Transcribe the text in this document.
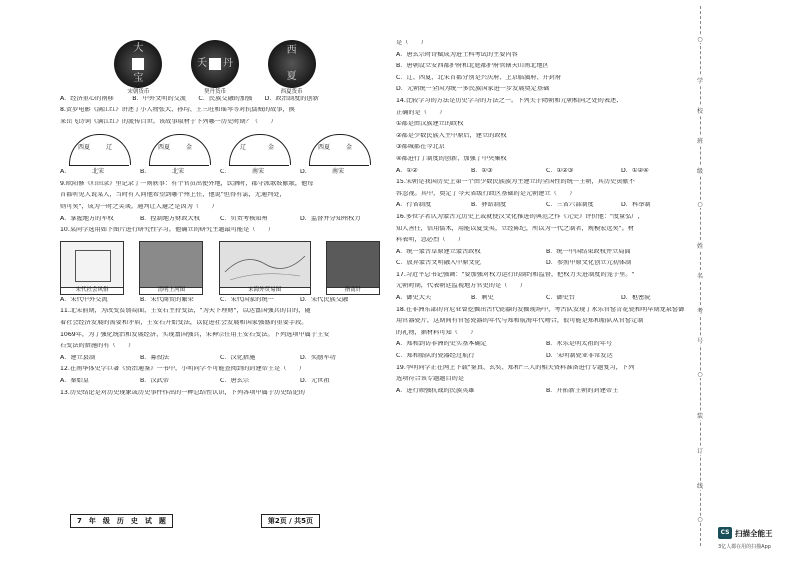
大
宝
宋朝货币
夭 丹
契丹货币
西
夏
西夏货币
A．经济重心的南移　　　B．中外文明的交流　　C．民族交融的加强　　D．政治制度的创新
8.贺岁电影《满江红》讲述了小人物张大、孙均、王三旺和瑶琴等对抗懦贼的故事，换
来岳飞诗词《满江红》的流传百世。该故事取材于下列哪一历史时期？（　　）
西夏	辽
北宋
西夏	金
北宋
辽	金
南宋
西夏	金
南宋
A．	B．	C．	D．
9.欧阳修《归田录》里记录了一则轶事：有个官员出使外地，饮酒时，郡守派歌妓献歌，他每
首都听见人说某人，当时有人问他希望到哪个州上任，他说"但得有氯，无通判处，
则可矣"，成为一时之笑谈。通判让人避之是因为（　　）
A．掌握地方的军权	B．控制地方财政大权	C．负责考核知州	D．监督并分知州权力
10.某同学选用如下图片进行研究性学习，他确立的研究主题最可能是（　　）
宋代社会风俗	清明上河图	宋海外贸易图	指南针
A．宋代中外交流	B．宋代商贸的繁荣	C．宋代国家的统一	D．宋代民族交融
11.北宋前期，为改变贫弱局面，王安石主持变法，"为天下理财"，以达富国强兵的目的，随
着社会经济发展的需要和矛盾，王安石开始变法，以促进社会发展和国家强盛的重要手段。
1069年，为了强化统治和发展经济，实现富国强兵，宋神宗任用王安石变法。下列选项中属于王安
石变法的措施的有（　　）
A．建立县制	B．募役法	C．汉化措施	D．奖励军功
12.在南华体史学巨著《资治通鉴》一书中，小明同学不可能查阅到的封建帝王是（　　）
A．秦始皇	B．汉武帝	C．唐玄宗	D．元世祖
13.历史结论是对历史现象或历史事件作出的一种总结性认识，下列各项中属于历史结论的
7　年　级　历　史　试　题	第2页 / 共5页
是（　　）
A．唐玄宗时诗赋成为进士科考试的主要内容
B．唐朝设立安西都护府和北庭都护府管辖天山南北地区
C．辽、西夏、北宋首都分别是兴庆府、上京临潢府、开封府
D．元朝统一全国为统一多民族国家进一步发展奠定基础
14.比较学习的方法是历史学习的方法之一。下列关于隋朝和元朝相同之处的表述,
正确的是（　　）
①都是由汉族建立的政权
②都是少数民族入主中原后，建立的政权
③都城都在今北京
④都进行了制度的创新，加强了中央集权
A．①②	B．①③	C．①②③	D．①②④
15.宋朝是我国历史上第一个由少数民族族为主建立的全国性的统一王朝，其历史贡献不
容忽视。其中，奠定了今天省级行政区基础的是元朝建立（　　）
A．行省制度	B．驿站制度	C．三省六部制度	D．科举制
16.多位学者认为蒙古元历史上或就使汉文化推进的典范之作《元史》评价他："度量弘广，
知人善任，信用儒术，用能以夏变夷，立经陈纪，所以为一代之制者，规模宏远矣"。材
料表明，忽必烈（　　）
A．统一蒙古草原建立蒙古政权	B．统一中国结束政权并立局面
C．放弃蒙古文明融入中原文化	D．参照中原文化创立元初体制
17.习近平总书记强调："要加强对权力运行的制约和监督，把权力关进制度的笼子里。"
元朝时期，代表朝廷监视地方官吏的是（　　）
A．御史大夫	B．刺史	C．御史台	D．枢密院
18.在非洲东部的肯尼亚曾挖掘出古代瓷器的发掘现场中，考古队发现了永乐官窑青花瓷和明早期龙泉窑御
用官器瓷片，这期间有官窑瓷器的年代与郑和航海年代吻合，很可能是郑和船队从官窑定制
的礼物，据材料可知（　　）
A．郑和到访非洲的史实基本确定	B．永乐是明太祖的年号
C．郑和船队的瓷器经过航行	D．宋明制瓷业非常发达
19.李明同学正在网上下载"鉴真、玄奘、郑和"三人的相关资料准备进行专题复习，下列
选项符合该专题题目的是
A．进行顽强抗战的民族英雄	B．开拓新王朝的封建帝王
○
学
校
班
级
○
姓
名
考
号
○
装
订
线
○
CS 扫描全能王
3亿人都在用的扫描App
